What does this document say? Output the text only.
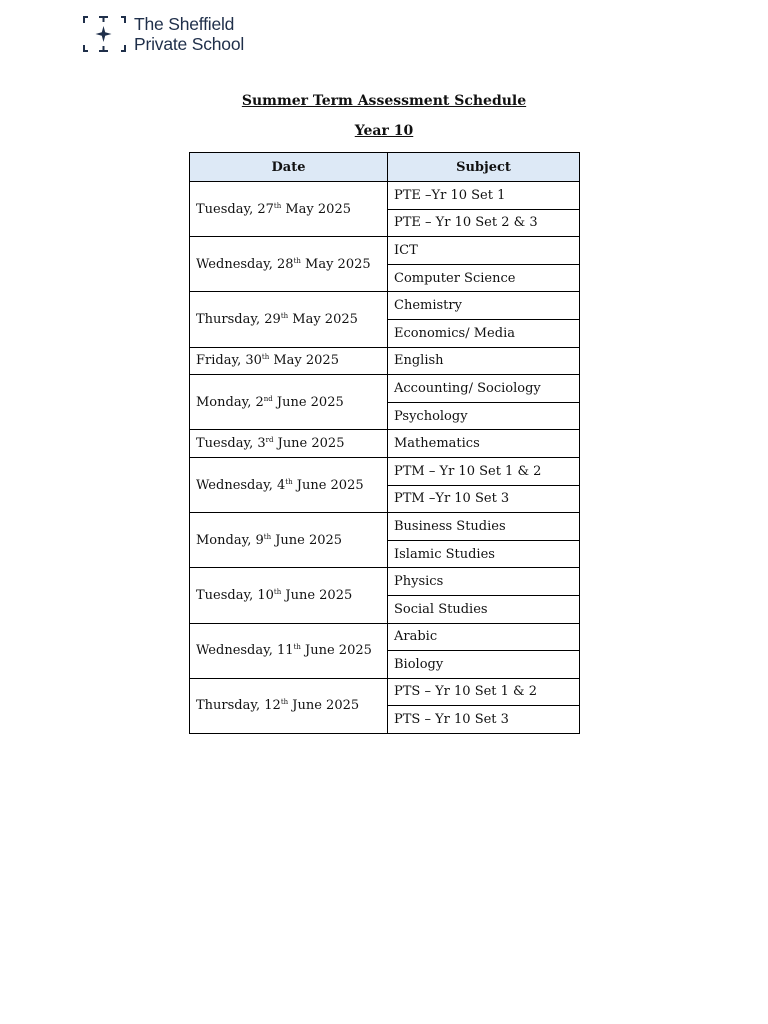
The Sheffield
Private School
Summer Term Assessment Schedule
Year 10
Date	Subject
Tuesday, 27th May 2025	PTE –Yr 10 Set 1
	PTE – Yr 10 Set 2 & 3
Wednesday, 28th May 2025	ICT
	Computer Science
Thursday, 29th May 2025	Chemistry
	Economics/ Media
Friday, 30th May 2025	English
Monday, 2nd June 2025	Accounting/ Sociology
	Psychology
Tuesday, 3rd June 2025	Mathematics
Wednesday, 4th June 2025	PTM – Yr 10 Set 1 & 2
	PTM –Yr 10 Set 3
Monday, 9th June 2025	Business Studies
	Islamic Studies
Tuesday, 10th June 2025	Physics
	Social Studies
Wednesday, 11th June 2025	Arabic
	Biology
Thursday, 12th June 2025	PTS – Yr 10 Set 1 & 2
	PTS – Yr 10 Set 3
